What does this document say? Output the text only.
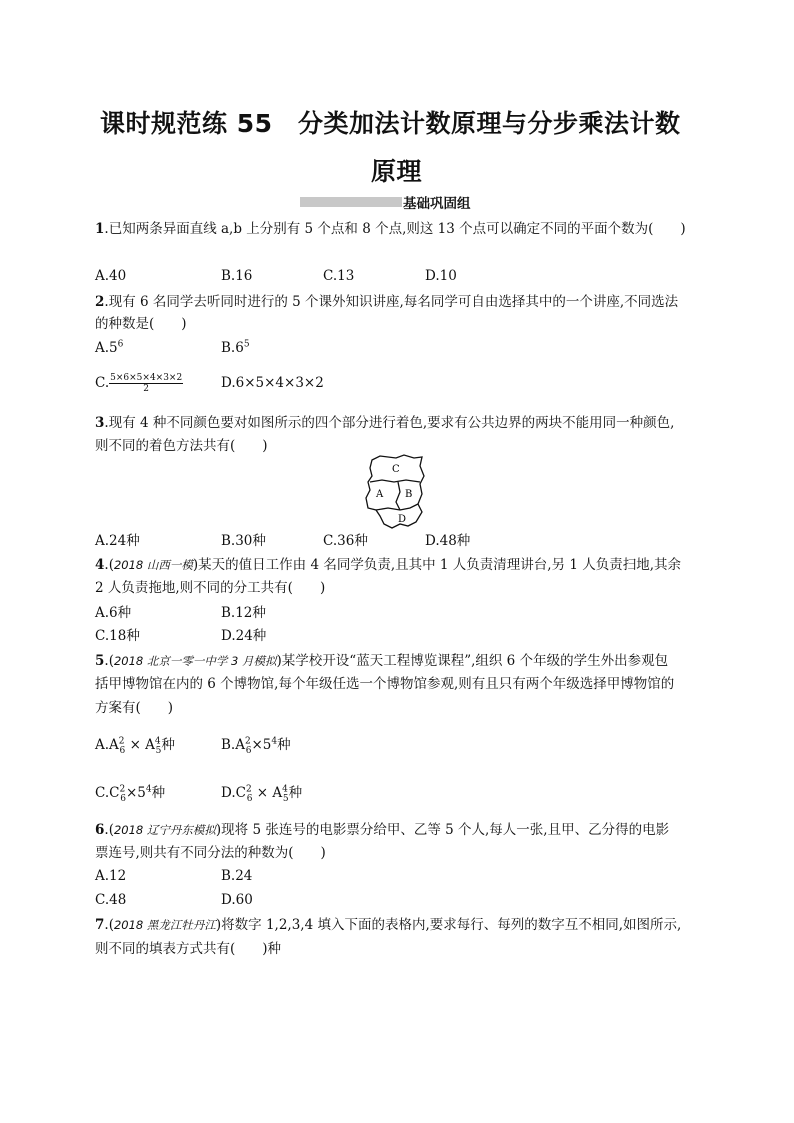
课时规范练 55　分类加法计数原理与分步乘法计数
原理
基础巩固组
1.已知两条异面直线 a,b 上分别有 5 个点和 8 个点,则这 13 个点可以确定不同的平面个数为(　　)
A.40	B.16	C.13	D.10
2.现有 6 名同学去听同时进行的 5 个课外知识讲座,每名同学可自由选择其中的一个讲座,不同选法
的种数是(　　)
$A.5^6$	$B.6^5$
C. $\frac{5\times 6\times 5\times 4\times 3\times 2}{2}$	D.6×5×4×3×2
3.现有 4 种不同颜色要对如图所示的四个部分进行着色,要求有公共边界的两块不能用同一种颜色,
则不同的着色方法共有(　　)
C
A B
D
A.24种	B.30种	C.36种	D.48种
4.(2018 山西一模)某天的值日工作由 4 名同学负责,且其中 1 人负责清理讲台,另 1 人负责扫地,其余
2 人负责拖地,则不同的分工共有(　　)
A.6种	B.12种
C.18种	D.24种
5.(2018 北京一零一中学 3 月模拟)某学校开设“蓝天工程博览课程”,组织 6 个年级的学生外出参观包
括甲博物馆在内的 6 个博物馆,每个年级任选一个博物馆参观,则有且只有两个年级选择甲博物馆的
方案有(　　)
$A.A^2_6 \times A^4_5$种	$B.A^2_6\times 5^4$种
$C.C^2_6\times 5^4$种	$D.C^2_6 \times A^4_5$种
6.(2018 辽宁丹东模拟)现将 5 张连号的电影票分给甲、乙等 5 个人,每人一张,且甲、乙分得的电影
票连号,则共有不同分法的种数为(　　)
A.12	B.24
C.48	D.60
7.(2018 黑龙江牡丹江)将数字 1,2,3,4 填入下面的表格内,要求每行、每列的数字互不相同,如图所示,
则不同的填表方式共有(　　)种
